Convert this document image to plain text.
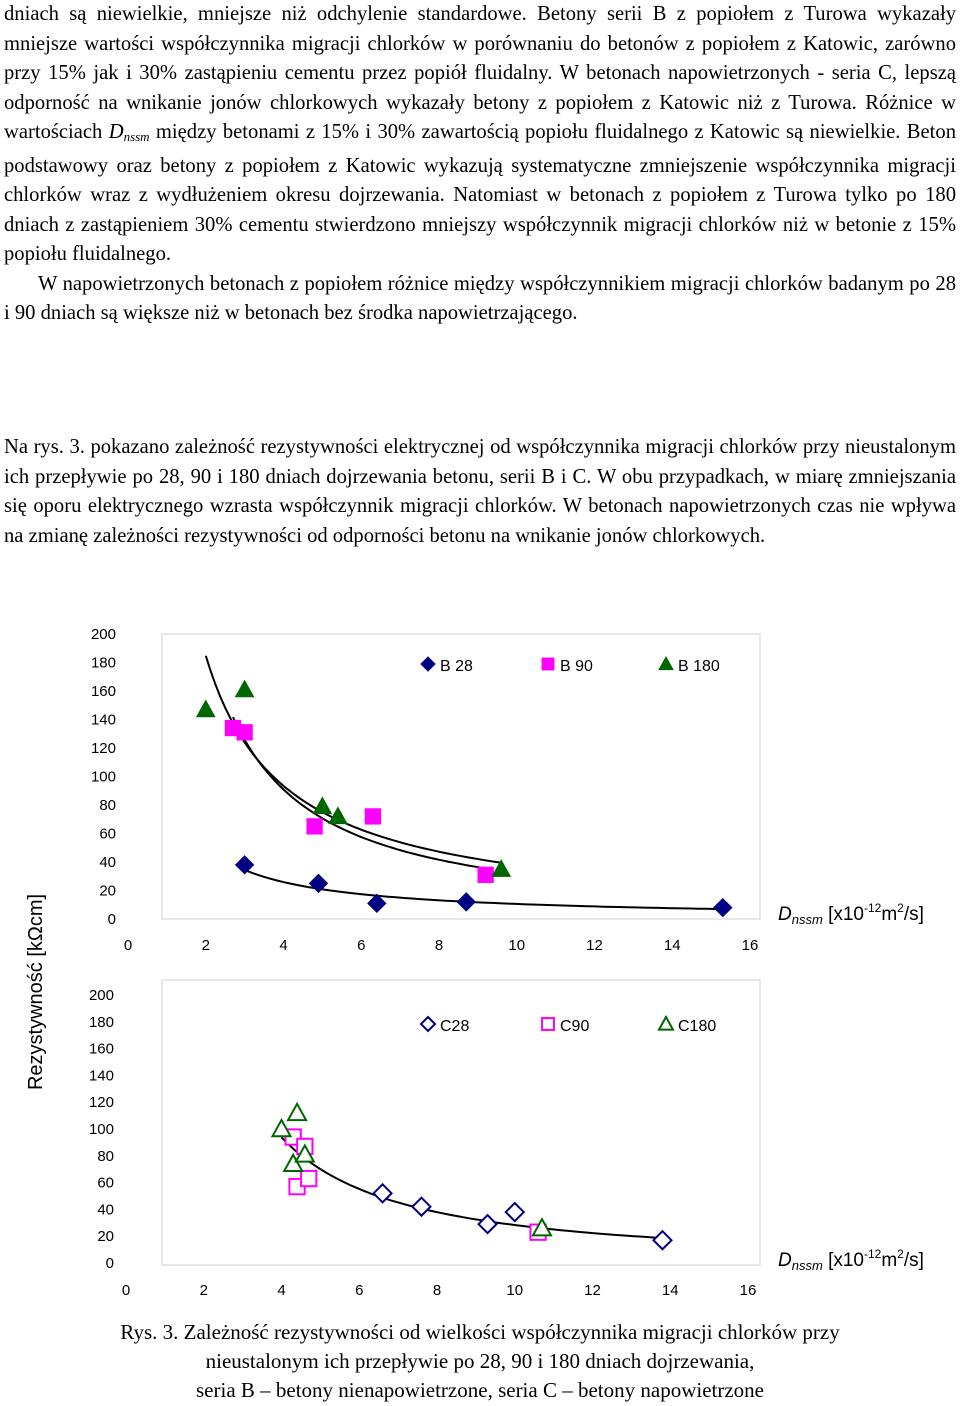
dniach są niewielkie, mniejsze niż odchylenie standardowe. Betony serii B z popiołem z Turowa wykazały mniejsze wartości współczynnika migracji chlorków w porównaniu do betonów z popiołem z Katowic, zarówno przy 15% jak i 30% zastąpieniu cementu przez popiół fluidalny. W betonach napowietrzonych - seria C, lepszą odporność na wnikanie jonów chlorkowych wykazały betony z popiołem z Katowic niż z Turowa. Różnice w wartościach $D_{nssm}$ między betonami z 15% i 30% zawartością popiołu fluidalnego z Katowic są niewielkie. Beton podstawowy oraz betony z popiołem z Katowic wykazują systematyczne zmniejszenie współczynnika migracji chlorków wraz z wydłużeniem okresu dojrzewania. Natomiast w betonach z popiołem z Turowa tylko po 180 dniach z zastąpieniem 30% cementu stwierdzono mniejszy współczynnik migracji chlorków niż w betonie z 15% popiołu fluidalnego.

W napowietrzonych betonach z popiołem różnice między współczynnikiem migracji chlorków badanym po 28 i 90 dniach są większe niż w betonach bez środka napowietrzającego.

Na rys. 3. pokazano zależność rezystywności elektrycznej od współczynnika migracji chlorków przy nieustalonym ich przepływie po 28, 90 i 180 dniach dojrzewania betonu, serii B i C. W obu przypadkach, w miarę zmniejszania się oporu elektrycznego wzrasta współczynnik migracji chlorków. W betonach napowietrzonych czas nie wpływa na zmianę zależności rezystywności od odporności betonu na wnikanie jonów chlorkowych.

0
20
40
60
80
100
120
140
160
180
200
0	2	4	6	8	10	12	14	16
B 28	B 90	B 180
0
20
40
60
80
100
120
140
160
180
200
0	2	4	6	8	10	12	14	16
C28	C90	C180
Rezystywność [kΩcm]	$D_{nssm}$ $[x10^{-12}m^2/s]$
$D_{nssm}$ $[x10^{-12}m^2/s]$
Rys. 3. Zależność rezystywności od wielkości współczynnika migracji chlorków przy
nieustalonym ich przepływie po 28, 90 i 180 dniach dojrzewania,
seria B – betony nienapowietrzone, seria C – betony napowietrzone
